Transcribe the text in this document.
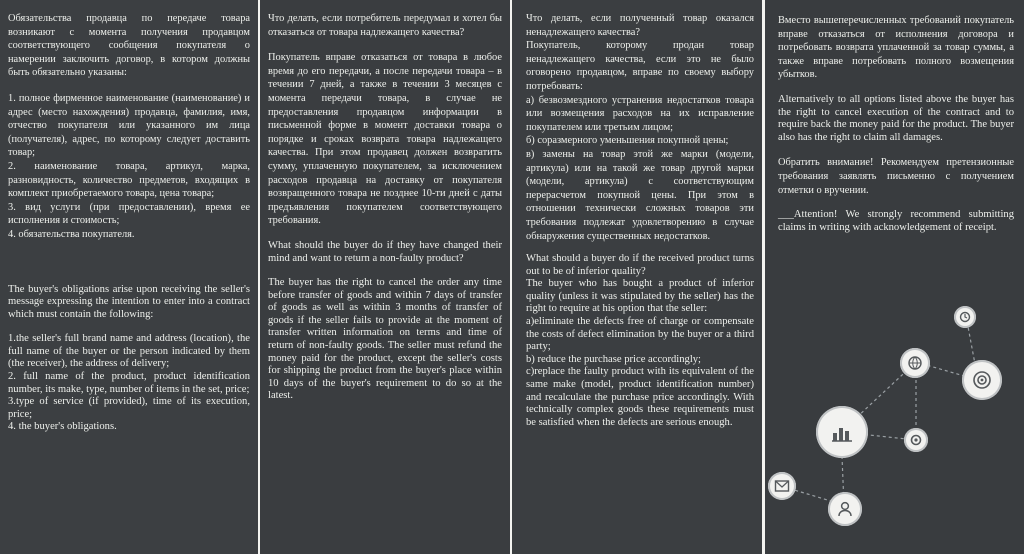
Обязательства продавца по передаче товара возникают с момента получения продавцом соответствующего сообщения покупателя о намерении заключить договор, в котором должны быть обязательно указаны:

1. полное фирменное наименование (наименование) и адрес (место нахождения) продавца, фамилия, имя, отчество покупателя или указанного им лица (получателя), адрес, по которому следует доставить товар;

2. наименование товара, артикул, марка, разновидность, количество предметов, входящих в комплект приобретаемого товара, цена товара;

3. вид услуги (при предоставлении), время ее исполнения и стоимость;

4. обязательства покупателя.

The buyer's obligations arise upon receiving the seller's message expressing the intention to enter into a contract which must contain the following:

1.the seller's full brand name and address (location), the full name of the buyer or the person indicated by them (the receiver), the address of delivery;

2. full name of the product, product identification number, its make, type, number of items in the set, price;

3.type of service (if provided), time of its execution, price;

4. the buyer's obligations.

Что делать, если потребитель передумал и хотел бы отказаться от товара надлежащего качества?

Покупатель вправе отказаться от товара в любое время до его передачи, а после передачи товара – в течении 7 дней, а также в течении 3 месяцев с момента передачи товара, в случае не предоставления продавцом информации в письменной форме в момент доставки товара о порядке и сроках возврата товара надлежащего качества. При этом продавец должен возвратить сумму, уплаченную покупателем, за исключением расходов продавца на доставку от покупателя возвращенного товара не позднее 10-ти дней с даты предъявления покупателем соответствующего требования.

What should the buyer do if they have changed their mind and want to return a non-faulty product?

The buyer has the right to cancel the order any time before transfer of goods and within 7 days of transfer of goods as well as within 3 months of transfer of goods if the seller fails to provide at the moment of transfer written information on terms and time of return of non-faulty goods. The seller must refund the money paid for the product, except the seller's costs for shipping the product from the buyer's place within 10 days of the buyer's requirement to do so at the latest.

Что делать, если полученный товар оказался ненадлежащего качества?

Покупатель, которому продан товар ненадлежащего качества, если это не было оговорено продавцом, вправе по своему выбору потребовать:

а) безвозмездного устранения недостатков товара или возмещения расходов на их исправление покупателем или третьим лицом;

б) соразмерного уменьшения покупной цены;

в) замены на товар этой же марки (модели, артикула) или на такой же товар другой марки (модели, артикула) с соответствующим перерасчетом покупной цены. При этом в отношении технически сложных товаров эти требования подлежат удовлетворению в случае обнаружения существенных недостатков.

What should a buyer do if the received product turns out to be of inferior quality?

The buyer who has bought a product of inferior quality (unless it was stipulated by the seller) has the right to require at his option that the seller:

a)eliminate the defects free of charge or compensate the costs of defect elimination by the buyer or a third party;

b) reduce the purchase price accordingly;

c)replace the faulty product with its equivalent of the same make (model, product identification number) and recalculate the purchase price accordingly. With technically complex goods these requirements must be satisfied when the defects are serious enough.

Вместо вышеперечисленных требований покупатель вправе отказаться от исполнения договора и потребовать возврата уплаченной за товар суммы, а также вправе потребовать полного возмещения убытков.

Alternatively to all options listed above the buyer has the right to cancel execution of the contract and to require back the money paid for the product. The buyer also has the right to claim all damages.

Обратить внимание! Рекомендуем претензионные требования заявлять письменно с получением отметки о вручении.

___Attention! We strongly recommend submitting claims in writing with acknowledgement of receipt.
